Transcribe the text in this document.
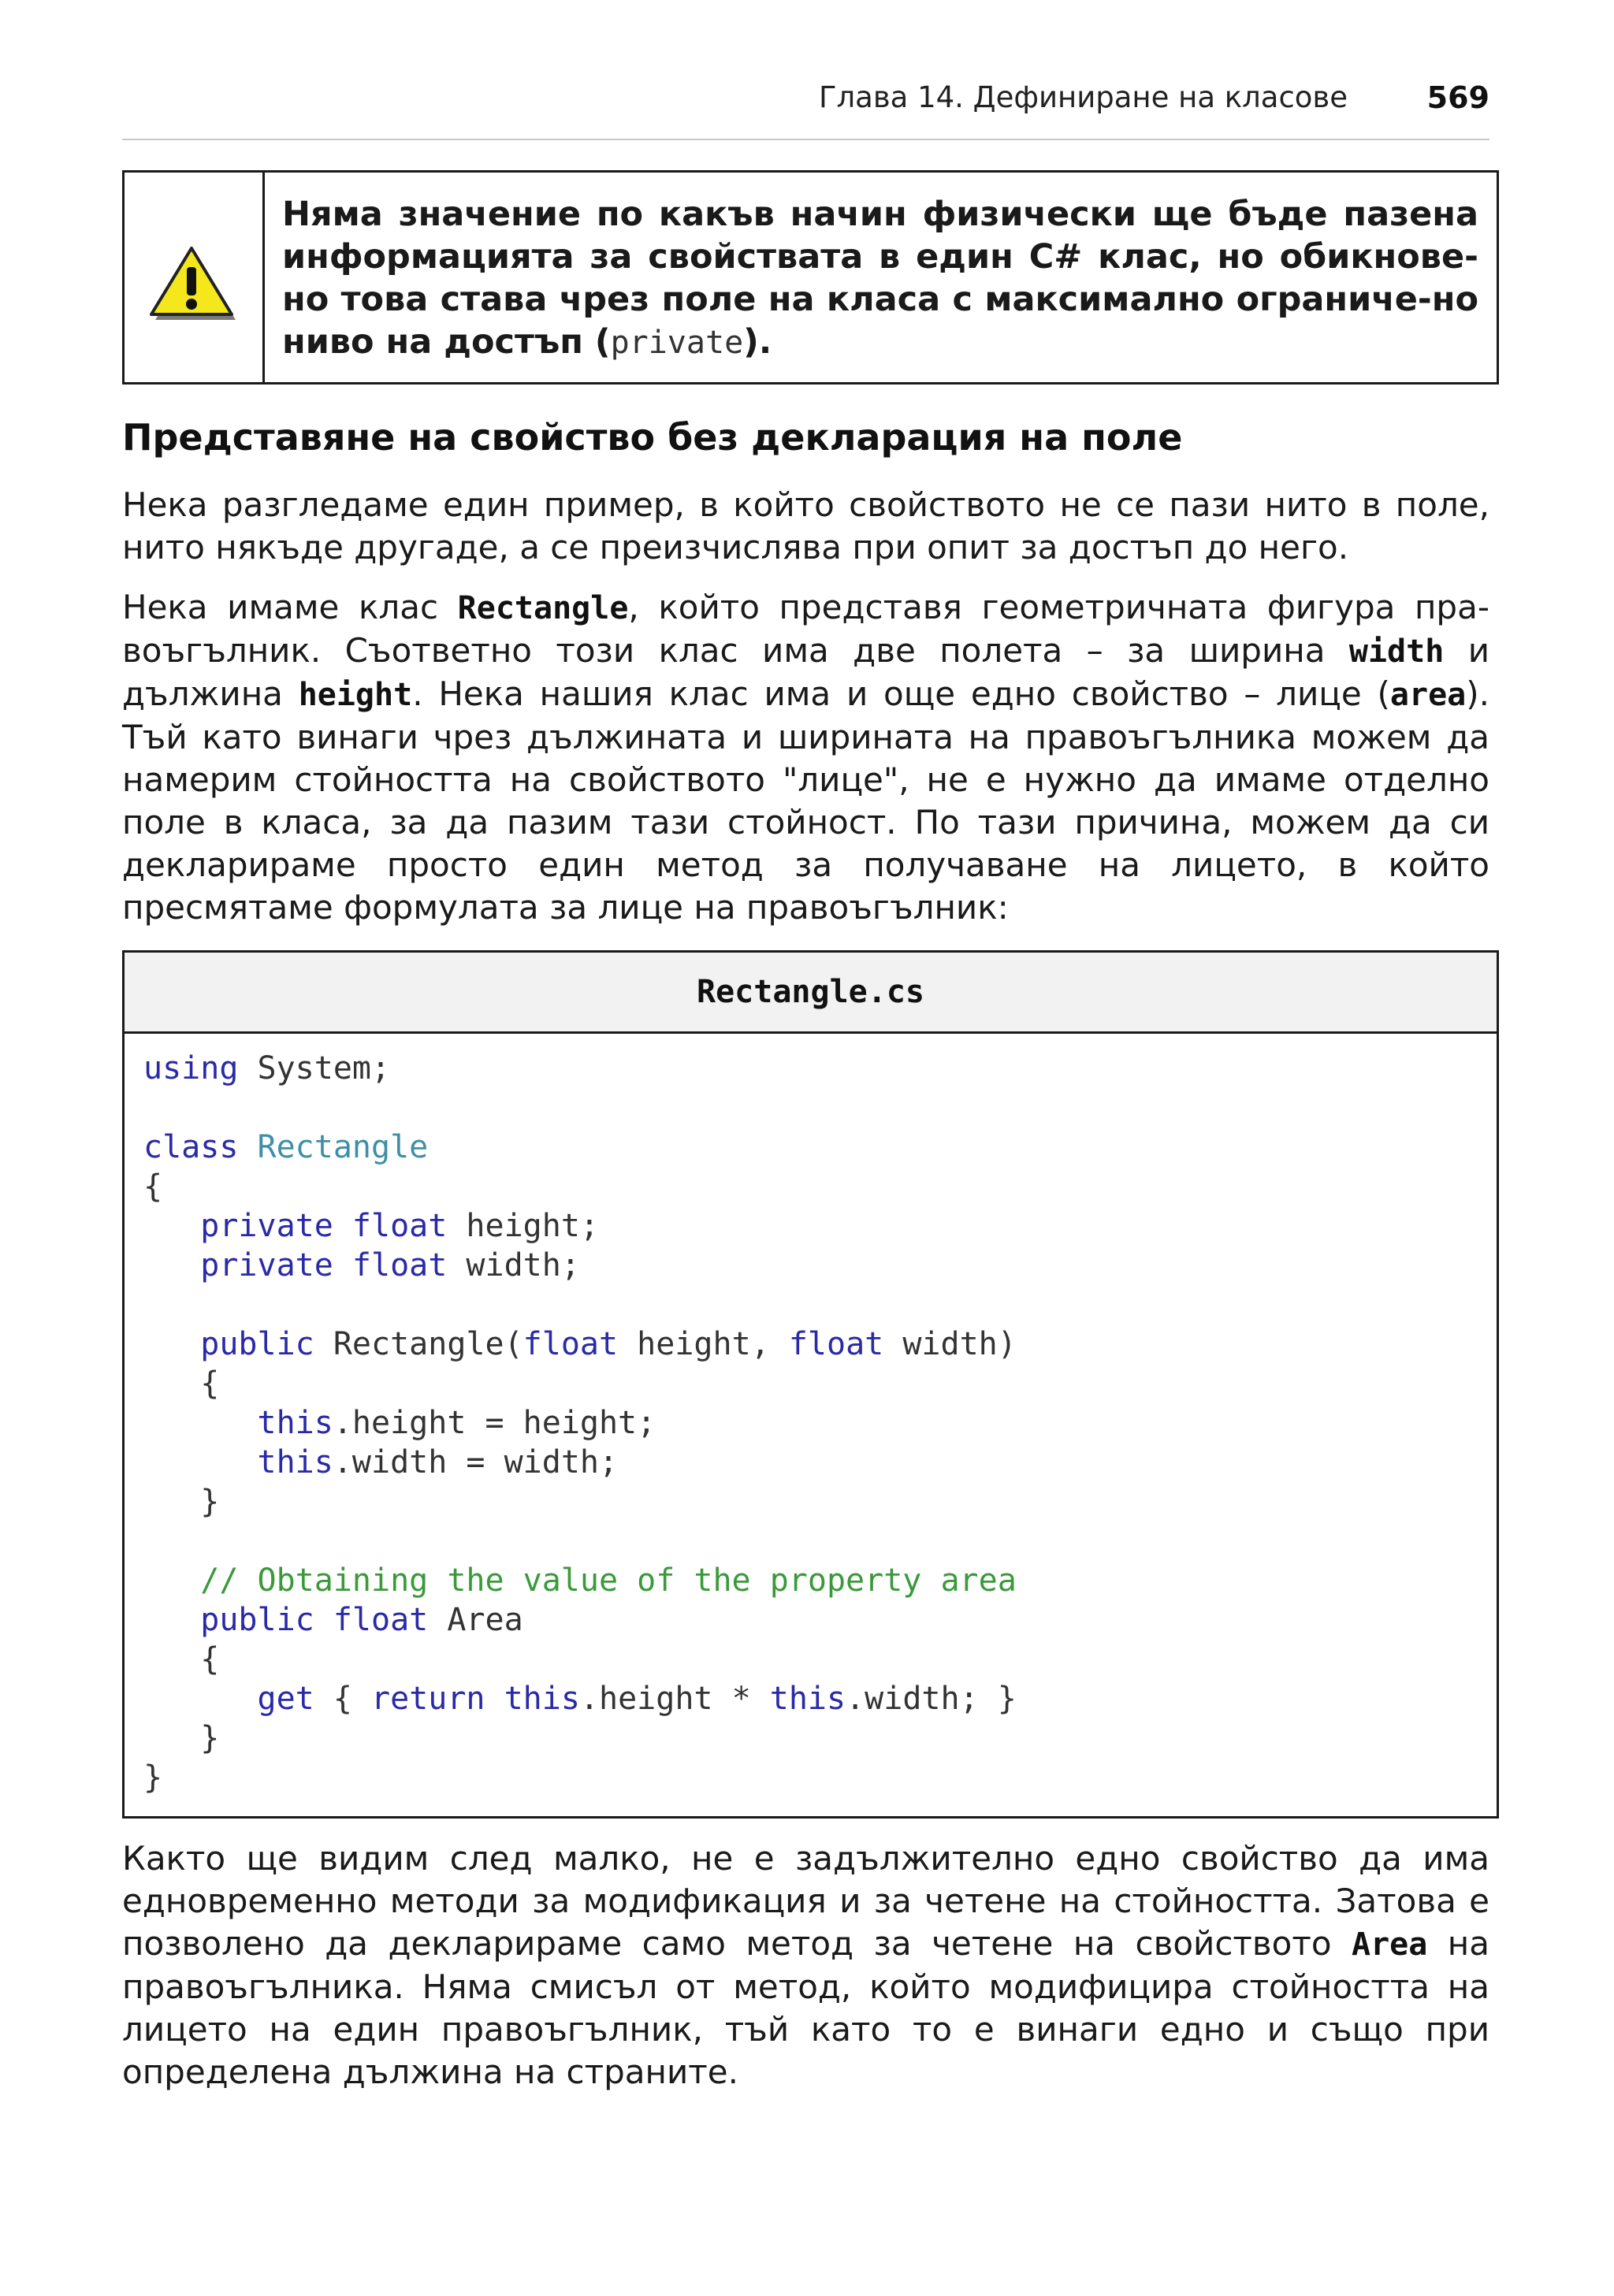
Глава 14. Дефиниране на класове	569
Няма значение по какъв начин физически ще бъде пазена информацията за свойствата в един C# клас, но обикнове-но това става чрез поле на класа с максимално ограниче-но ниво на достъп (private).
Представяне на свойство без декларация на поле
Нека разгледаме един пример, в който свойството не се пази нито в поле, нито някъде другаде, а се преизчислява при опит за достъп до него.
Нека имаме клас Rectangle, който представя геометричната фигура пра-воъгълник. Съответно този клас има две полета – за ширина width и дължина height. Нека нашия клас има и още едно свойство – лице (area). Тъй като винаги чрез дължината и ширината на правоъгълника можем да намерим стойността на свойството "лице", не е нужно да имаме отделно поле в класа, за да пазим тази стойност. По тази причина, можем да си декларираме просто един метод за получаване на лицето, в който пресмятаме формулата за лице на правоъгълник:
Rectangle.cs
using System;
class Rectangle
{
private float height;
private float width;
public Rectangle(float height, float width)
{
this.height = height;
this.width = width;
}
// Obtaining the value of the property area
public float Area
{
get { return this.height * this.width; }
}
}
Както ще видим след малко, не е задължително едно свойство да има едновременно методи за модификация и за четене на стойността. Затова е позволено да декларираме само метод за четене на свойството Area на правоъгълника. Няма смисъл от метод, който модифицира стойността на лицето на един правоъгълник, тъй като то е винаги едно и също при определена дължина на страните.
